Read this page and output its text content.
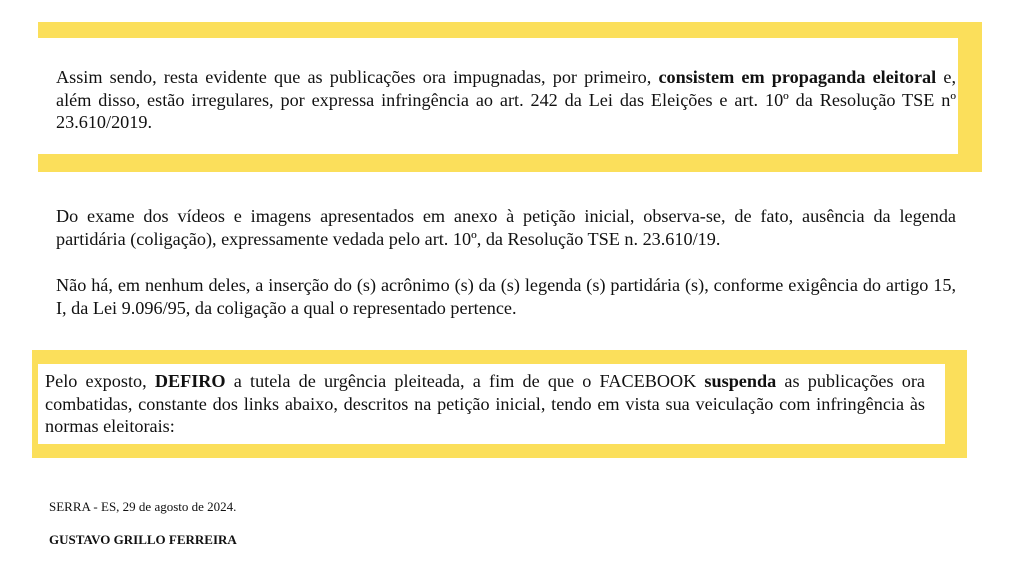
Assim sendo, resta evidente que as publicações ora impugnadas, por primeiro, consistem em propaganda eleitoral e, além disso, estão irregulares, por expressa infringência ao art. 242 da Lei das Eleições e art. 10º da Resolução TSE nº 23.610/2019.

Do exame dos vídeos e imagens apresentados em anexo à petição inicial, observa-se, de fato, ausência da legenda partidária (coligação), expressamente vedada pelo art. 10º, da Resolução TSE n. 23.610/19.

Não há, em nenhum deles, a inserção do (s) acrônimo (s) da (s) legenda (s) partidária (s), conforme exigência do artigo 15, I, da Lei 9.096/95, da coligação a qual o representado pertence.

Pelo exposto, DEFIRO a tutela de urgência pleiteada, a fim de que o FACEBOOK suspenda as publicações ora combatidas, constante dos links abaixo, descritos na petição inicial, tendo em vista sua veiculação com infringência às normas eleitorais:

SERRA - ES, 29 de agosto de 2024.

GUSTAVO GRILLO FERREIRA
